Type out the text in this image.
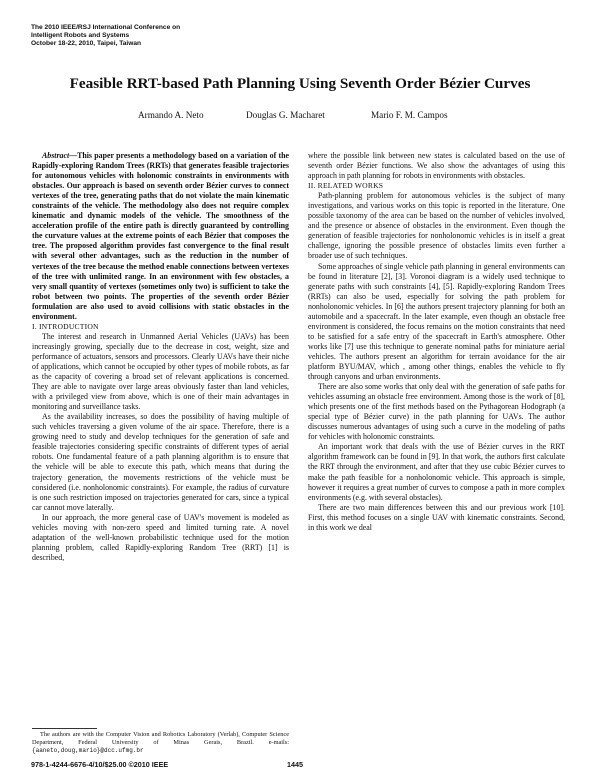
The 2010 IEEE/RSJ International Conference on
Intelligent Robots and Systems
October 18-22, 2010, Taipei, Taiwan
Feasible RRT-based Path Planning Using Seventh Order Bézier Curves
Armando A. Neto	Douglas G. Macharet	Mario F. M. Campos

Abstract—This paper presents a methodology based on a variation of the Rapidly-exploring Random Trees (RRTs) that generates feasible trajectories for autonomous vehicles with holonomic constraints in environments with obstacles. Our approach is based on seventh order Bézier curves to connect vertexes of the tree, generating paths that do not violate the main kinematic constraints of the vehicle. The methodology also does not require complex kinematic and dynamic models of the vehicle. The smoothness of the acceleration profile of the entire path is directly guaranteed by controlling the curvature values at the extreme points of each Bézier that composes the tree. The proposed algorithm provides fast convergence to the final result with several other advantages, such as the reduction in the number of vertexes of the tree because the method enable connections between vertexes of the tree with unlimited range. In an environment with few obstacles, a very small quantity of vertexes (sometimes only two) is sufficient to take the robot between two points. The properties of the seventh order Bézier formulation are also used to avoid collisions with static obstacles in the environment.

I. INTRODUCTION

The interest and research in Unmanned Aerial Vehicles (UAVs) has been increasingly growing, specially due to the decrease in cost, weight, size and performance of actuators, sensors and processors. Clearly UAVs have their niche of applications, which cannot be occupied by other types of mobile robots, as far as the capacity of covering a broad set of relevant applications is concerned. They are able to navigate over large areas obviously faster than land vehicles, with a privileged view from above, which is one of their main advantages in monitoring and surveillance tasks.

As the availability increases, so does the possibility of having multiple of such vehicles traversing a given volume of the air space. Therefore, there is a growing need to study and develop techniques for the generation of safe and feasible trajectories considering specific constraints of different types of aerial robots. One fundamental feature of a path planning algorithm is to ensure that the vehicle will be able to execute this path, which means that during the trajectory generation, the movements restrictions of the vehicle must be considered (i.e. nonholonomic constraints). For example, the radius of curvature is one such restriction imposed on trajectories generated for cars, since a typical car cannot move laterally.

In our approach, the more general case of UAV's movement is modeled as vehicles moving with non-zero speed and limited turning rate. A novel adaptation of the well-known probabilistic technique used for the motion planning problem, called Rapidly-exploring Random Tree (RRT) [1] is described,

where the possible link between new states is calculated based on the use of seventh order Bézier functions. We also show the advantages of using this approach in path planning for robots in environments with obstacles.

II. RELATED WORKS

Path-planning problem for autonomous vehicles is the subject of many investigations, and various works on this topic is reported in the literature. One possible taxonomy of the area can be based on the number of vehicles involved, and the presence or absence of obstacles in the environment. Even though the generation of feasible trajectories for nonholonomic vehicles is in itself a great challenge, ignoring the possible presence of obstacles limits even further a broader use of such techniques.

Some approaches of single vehicle path planning in general environments can be found in literature [2], [3]. Voronoi diagram is a widely used technique to generate paths with such constraints [4], [5]. Rapidly-exploring Random Trees (RRTs) can also be used, especially for solving the path problem for nonholonomic vehicles. In [6] the authors present trajectory planning for both an automobile and a spacecraft. In the later example, even though an obstacle free environment is considered, the focus remains on the motion constraints that need to be satisfied for a safe entry of the spacecraft in Earth's atmosphere. Other works like [7] use this technique to generate nominal paths for miniature aerial vehicles. The authors present an algorithm for terrain avoidance for the air platform BYU/MAV, which , among other things, enables the vehicle to fly through canyons and urban environments.

There are also some works that only deal with the generation of safe paths for vehicles assuming an obstacle free environment. Among those is the work of [8], which presents one of the first methods based on the Pythagorean Hodograph (a special type of Bézier curve) in the path planning for UAVs. The author discusses numerous advantages of using such a curve in the modeling of paths for vehicles with holonomic constraints.

An important work that deals with the use of Bézier curves in the RRT algorithm framework can be found in [9]. In that work, the authors first calculate the RRT through the environment, and after that they use cubic Bézier curves to make the path feasible for a nonholonomic vehicle. This approach is simple, however it requires a great number of curves to compose a path in more complex environments (e.g. with several obstacles).

There are two main differences between this and our previous work [10]. First, this method focuses on a single UAV with kinematic constraints. Second, in this work we deal

The authors are with the Computer Vision and Robotics Laboratory (Verlab), Computer Science Department, Federal University of Minas Gerais, Brazil. e-mails: {aaneto,doug,mario}@dcc.ufmg.br

978-1-4244-6676-4/10/$25.00 ©2010 IEEE	1445
